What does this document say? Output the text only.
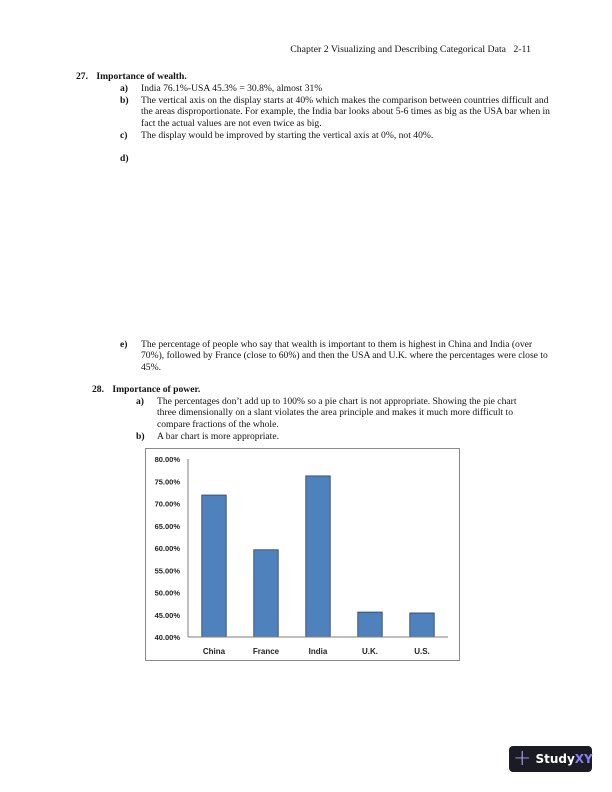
Chapter 2 Visualizing and Describing Categorical Data 2-11
27. Importance of wealth.
a) India 76.1%-USA 45.3% = 30.8%, almost 31%
b) The vertical axis on the display starts at 40% which makes the comparison between countries difficult and the areas disproportionate. For example, the India bar looks about 5-6 times as big as the USA bar when in fact the actual values are not even twice as big.
c) The display would be improved by starting the vertical axis at 0%, not 40%.
d)
e) The percentage of people who say that wealth is important to them is highest in China and India (over 70%), followed by France (close to 60%) and then the USA and U.K. where the percentages were close to 45%.
28. Importance of power.
a) The percentages don’t add up to 100% so a pie chart is not appropriate. Showing the pie chart three dimensionally on a slant violates the area principle and makes it much more difficult to compare fractions of the whole.
b) A bar chart is more appropriate.
40.00%
45.00%
50.00%
55.00%
60.00%
65.00%
70.00%
75.00%
80.00%
China	France	India	U.K.	U.S.
+ StudyXY
